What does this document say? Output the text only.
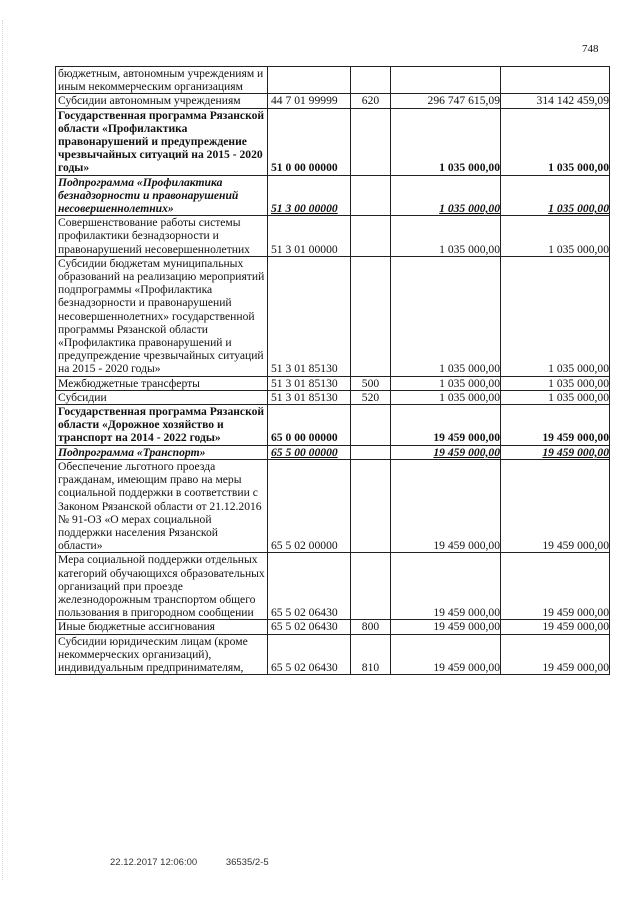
748
бюджетным, автономным учреждениям и иным некоммерческим организациям				
Субсидии автономным учреждениям	44 7 01 99999	620	296 747 615,09	314 142 459,09
Государственная программа Рязанской области «Профилактика правонарушений и предупреждение чрезвычайных ситуаций на 2015 - 2020 годы»	51 0 00 00000		1 035 000,00	1 035 000,00
Подпрограмма «Профилактика безнадзорности и правонарушений несовершеннолетних»	51 3 00 00000		1 035 000,00	1 035 000,00
Совершенствование работы системы профилактики безнадзорности и правонарушений несовершеннолетних	51 3 01 00000		1 035 000,00	1 035 000,00
Субсидии бюджетам муниципальных образований на реализацию мероприятий подпрограммы «Профилактика безнадзорности и правонарушений несовершеннолетних» государственной программы Рязанской области «Профилактика правонарушений и предупреждение чрезвычайных ситуаций на 2015 - 2020 годы»	51 3 01 85130		1 035 000,00	1 035 000,00
Межбюджетные трансферты	51 3 01 85130	500	1 035 000,00	1 035 000,00
Субсидии	51 3 01 85130	520	1 035 000,00	1 035 000,00
Государственная программа Рязанской области «Дорожное хозяйство и транспорт на 2014 - 2022 годы»	65 0 00 00000		19 459 000,00	19 459 000,00
Подпрограмма «Транспорт»	65 5 00 00000		19 459 000,00	19 459 000,00
Обеспечение льготного проезда гражданам, имеющим право на меры социальной поддержки в соответствии с Законом Рязанской области от 21.12.2016 № 91-ОЗ «О мерах социальной поддержки населения Рязанской области»	65 5 02 00000		19 459 000,00	19 459 000,00
Мера социальной поддержки отдельных категорий обучающихся образовательных организаций при проезде железнодорожным транспортом общего пользования в пригородном сообщении	65 5 02 06430		19 459 000,00	19 459 000,00
Иные бюджетные ассигнования	65 5 02 06430	800	19 459 000,00	19 459 000,00
Субсидии юридическим лицам (кроме некоммерческих организаций), индивидуальным предпринимателям,	65 5 02 06430	810	19 459 000,00	19 459 000,00
22.12.2017 12:06:00	36535/2-5
